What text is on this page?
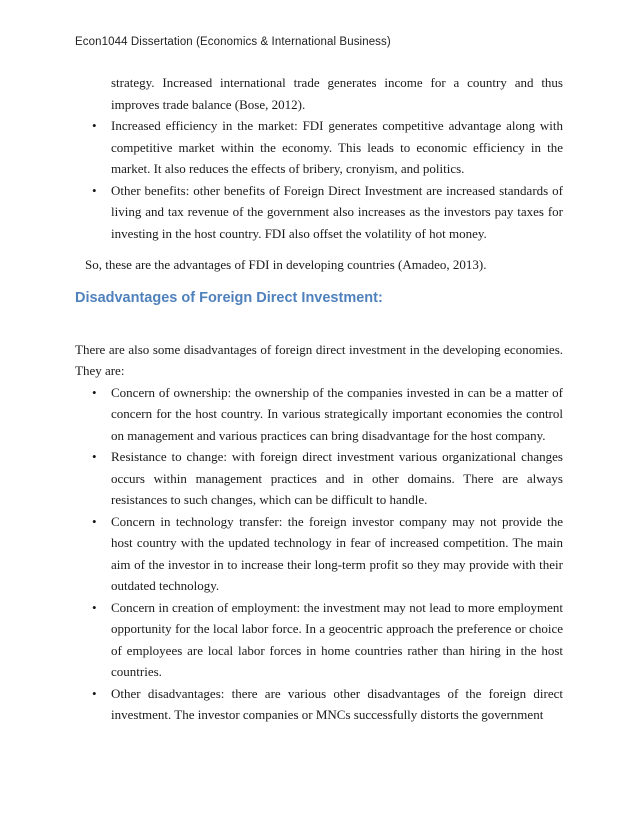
Econ1044 Dissertation (Economics & International Business)
strategy. Increased international trade generates income for a country and thus improves trade balance (Bose, 2012).
• Increased efficiency in the market: FDI generates competitive advantage along with competitive market within the economy. This leads to economic efficiency in the market. It also reduces the effects of bribery, cronyism, and politics.
• Other benefits: other benefits of Foreign Direct Investment are increased standards of living and tax revenue of the government also increases as the investors pay taxes for investing in the host country. FDI also offset the volatility of hot money.
So, these are the advantages of FDI in developing countries (Amadeo, 2013).
Disadvantages of Foreign Direct Investment:
There are also some disadvantages of foreign direct investment in the developing economies. They are:
• Concern of ownership: the ownership of the companies invested in can be a matter of concern for the host country. In various strategically important economies the control on management and various practices can bring disadvantage for the host company.
• Resistance to change: with foreign direct investment various organizational changes occurs within management practices and in other domains. There are always resistances to such changes, which can be difficult to handle.
• Concern in technology transfer: the foreign investor company may not provide the host country with the updated technology in fear of increased competition. The main aim of the investor in to increase their long-term profit so they may provide with their outdated technology.
• Concern in creation of employment: the investment may not lead to more employment opportunity for the local labor force. In a geocentric approach the preference or choice of employees are local labor forces in home countries rather than hiring in the host countries.
• Other disadvantages: there are various other disadvantages of the foreign direct investment. The investor companies or MNCs successfully distorts the government
